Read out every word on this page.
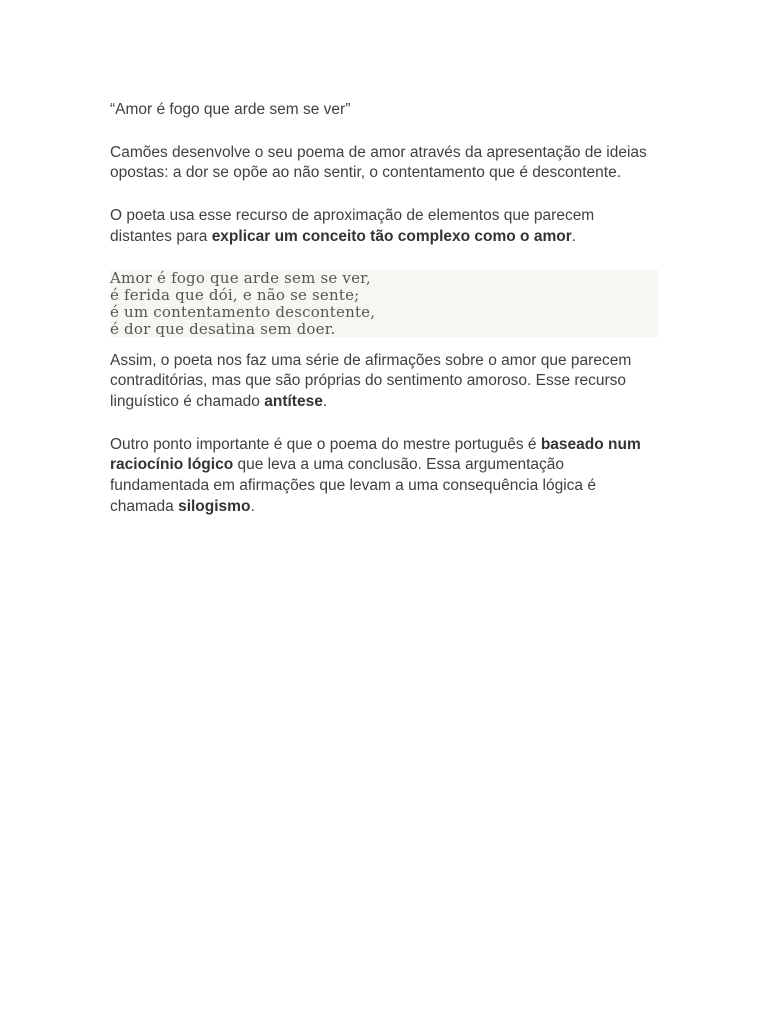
“Amor é fogo que arde sem se ver”

Camões desenvolve o seu poema de amor através da apresentação de ideias opostas: a dor se opõe ao não sentir, o contentamento que é descontente.

O poeta usa esse recurso de aproximação de elementos que parecem distantes para explicar um conceito tão complexo como o amor.

Amor é fogo que arde sem se ver,
é ferida que dói, e não se sente;
é um contentamento descontente,
é dor que desatina sem doer.

Assim, o poeta nos faz uma série de afirmações sobre o amor que parecem contraditórias, mas que são próprias do sentimento amoroso. Esse recurso linguístico é chamado antítese.

Outro ponto importante é que o poema do mestre português é baseado num raciocínio lógico que leva a uma conclusão. Essa argumentação fundamentada em afirmações que levam a uma consequência lógica é chamada silogismo.
